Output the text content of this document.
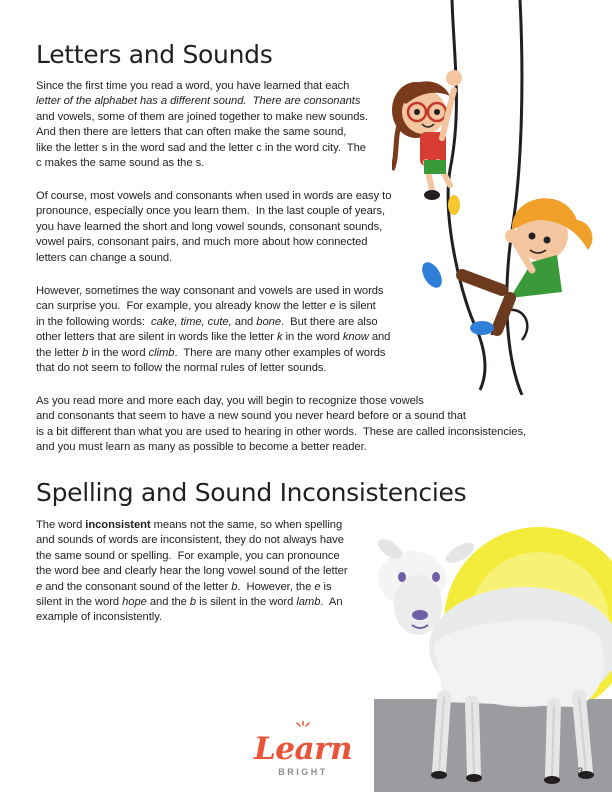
Letters and Sounds
Since the first time you read a word, you have learned that each
letter of the alphabet has a different sound.  There are consonants
and vowels, some of them are joined together to make new sounds.
And then there are letters that can often make the same sound,
like the letter s in the word sad and the letter c in the word city.  The
c makes the same sound as the s.
Of course, most vowels and consonants when used in words are easy to
pronounce, especially once you learn them.  In the last couple of years,
you have learned the short and long vowel sounds, consonant sounds,
vowel pairs, consonant pairs, and much more about how connected
letters can change a sound.
However, sometimes the way consonant and vowels are used in words
can surprise you.  For example, you already know the letter e is silent
in the following words:  cake, time, cute, and bone.  But there are also
other letters that are silent in words like the letter k in the word know and
the letter b in the word climb.  There are many other examples of words
that do not seem to follow the normal rules of letter sounds.
As you read more and more each day, you will begin to recognize those vowels
and consonants that seem to have a new sound you never heard before or a sound that
is a bit different than what you are used to hearing in other words.  These are called inconsistencies,
and you must learn as many as possible to become a better reader.
Spelling and Sound Inconsistencies
The word inconsistent means not the same, so when spelling
and sounds of words are inconsistent, they do not always have
the same sound or spelling.  For example, you can pronounce
the word bee and clearly hear the long vowel sound of the letter
e and the consonant sound of the letter b.  However, the e is
silent in the word hope and the b is silent in the word lamb.  An
example of inconsistently.
Learn
BRIGHT	3
